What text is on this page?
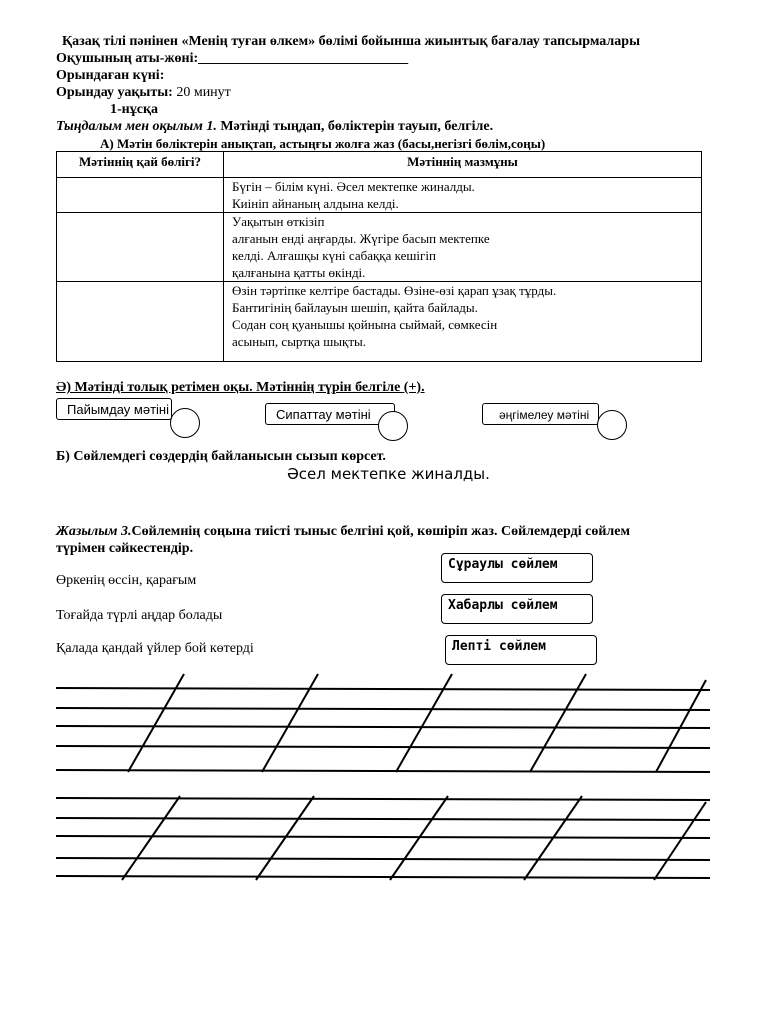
Қазақ тілі пәнінен «Менің туған өлкем» бөлімі бойынша жиынтық бағалау тапсырмалары
Оқушының аты-жөні:______________________________
Орындаған күні:
Орындау уақыты: 20 минут
1-нұсқа
Тыңдалым мен оқылым 1. Мәтінді тыңдап, бөліктерін тауып, белгіле.
А) Мәтін бөліктерін анықтап, астыңғы жолға жаз (басы,негізгі бөлім,соңы)
Мәтіннің қай бөлігі?	Мәтіннің мазмұны

	Бүгін – білім күні. Әсел мектепке жиналды.
Киініп айнаның алдына келді.

	Уақытын өткізіп
алғанын енді аңғарды. Жүгіре басып мектепке
келді. Алғашқы күні сабаққа кешігіп
қалғанына қатты өкінді.

	Өзін тәртіпке келтіре бастады. Өзіне-өзі қарап ұзақ тұрды.
Бантигінің байлауын шешіп, қайта байлады.
Содан соң қуанышы қойнына сыймай, сөмкесін
асынып, сыртқа шықты.
Ә) Мәтінді толық ретімен оқы. Мәтіннің түрін белгіле (+).
Пайымдау мәтіні	Сипаттау мәтіні	әңгімелеу мәтіні
Б) Сөйлемдегі сөздердің байланысын сызып көрсет.
Әсел мектепке жиналды.
Жазылым 3.Сөйлемнің соңына тиісті тыныс белгіні қой, көшіріп жаз. Сөйлемдерді сөйлем
түрімен сәйкестендір.
Өркенің өссін, қарағым
Тоғайда түрлі аңдар болады
Қалада қандай үйлер бой көтерді
Сұраулы сөйлем
Хабарлы сөйлем
Лепті сөйлем
